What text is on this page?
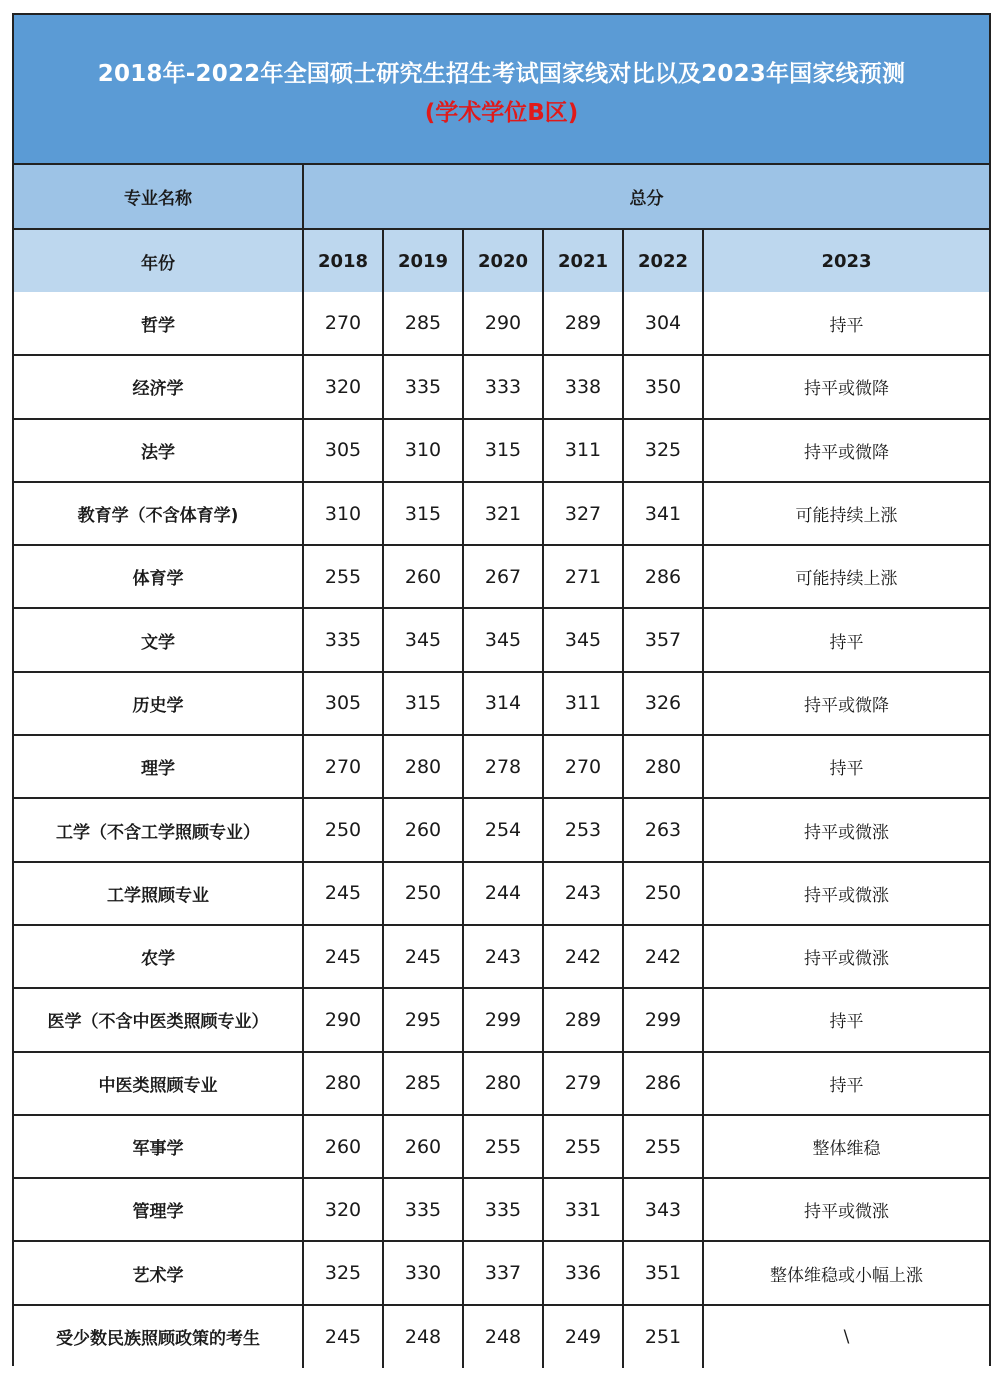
2018年-2022年全国硕士研究生招生考试国家线对比以及2023年国家线预测
(学术学位B区)
专业名称	总分					
年份	2018	2019	2020	2021	2022	2023
哲学	270	285	290	289	304	持平
经济学	320	335	333	338	350	持平或微降
法学	305	310	315	311	325	持平或微降
教育学（不含体育学)	310	315	321	327	341	可能持续上涨
体育学	255	260	267	271	286	可能持续上涨
文学	335	345	345	345	357	持平
历史学	305	315	314	311	326	持平或微降
理学	270	280	278	270	280	持平
工学（不含工学照顾专业）	250	260	254	253	263	持平或微涨
工学照顾专业	245	250	244	243	250	持平或微涨
农学	245	245	243	242	242	持平或微涨
医学（不含中医类照顾专业）	290	295	299	289	299	持平
中医类照顾专业	280	285	280	279	286	持平
军事学	260	260	255	255	255	整体维稳
管理学	320	335	335	331	343	持平或微涨
艺术学	325	330	337	336	351	整体维稳或小幅上涨
受少数民族照顾政策的考生	245	248	248	249	251	\
